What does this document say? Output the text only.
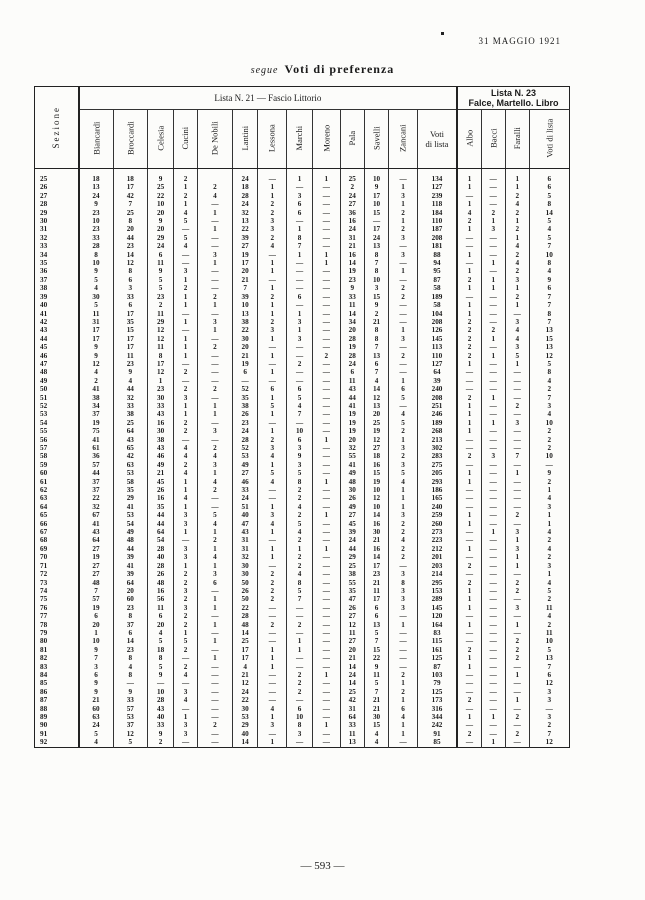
31 MAGGIO 1921
segue Voti di preferenza
Sezione	Lista N. 21 — Fascio Littorio													Lista N. 23
Falce, Martello. Libro			
	Biancardi	Broccardi	Celesia	Cucini	De Nobili	Lantini	Lessona	Marchi	Moreno	Pala	Savelli	Zancani	Voti
di lista	Albo	Bacci	Faralli	Voti di lista

25	18	18	9	2		24	—	1	1	25	10	—	134	1	—	1	6
26	13	17	25	1	2	18	1	—	—	2	9	1	127	1	—	1	6
27	24	42	22	2	4	28	1	3	—	24	17	3	239	—	—	2	5
28	9	7	10	1	—	24	2	6	—	27	10	1	118	1	—	4	8
29	23	25	20	4	1	32	2	6	—	36	15	2	184	4	2	2	14
30	10	8	9	5	—	13	3	—	—	16	—	1	110	2	1	1	5
31	23	20	20	—	1	22	3	1	—	24	17	2	187	1	3	2	4
32	33	44	29	5	—	39	2	8	—	31	24	3	208	—	—	1	5
33	28	23	24	4	—	27	4	7	—	21	13	—	181	—	—	4	7
34	8	14	6	—	3	19	—	1	1	16	8	3	88	1	—	2	10
35	10	12	11	—	1	17	1	—	1	14	7	—	94	—	1	4	8
36	9	8	9	3	—	20	1	—	—	19	8	1	95	1	—	2	4
37	5	6	5	1	—	21	—	—	—	23	10	—	87	2	1	3	9
38	4	3	5	2	—	7	1	—	—	9	3	2	58	1	1	1	6
39	30	33	23	1	2	39	2	6	—	33	15	2	189	—	—	2	7
40	5	6	2	1	1	10	1	—	—	11	9	—	58	1	—	1	7
41	11	17	11	—	—	13	1	1	—	14	2	—	104	1	—	—	8
42	31	35	29	1	3	38	2	3	—	34	21	—	208	2	—	3	7
43	17	15	12	—	1	22	3	1	—	20	8	1	126	2	2	4	13
44	17	17	12	1	—	30	1	3	—	28	8	3	145	2	1	4	15
45	9	17	11	1	2	20	—	—	—	19	7	—	113	2	—	3	13
46	9	11	8	1	—	21	1	—	2	28	13	2	110	2	1	5	12
47	12	23	17	—	—	19	—	2	—	24	6	—	127	1	—	1	5
48	4	9	12	2	—	6	1	—	—	6	7	—	64	—	—	—	8
49	2	4	1	—	—	—	—	—	—	11	4	1	39	—	—	—	4
50	41	44	23	2	2	52	6	6	—	43	14	6	240	—	—	—	2
51	38	32	30	3	—	35	1	5	—	44	12	5	208	2	1	—	7
52	34	33	33	1	1	38	5	4	—	41	13	—	251	1	—	2	3
53	37	38	43	1	1	26	1	7	—	19	20	4	246	1	—	—	4
54	19	25	16	2	—	23	—	—	—	19	25	5	189	1	1	3	10
55	75	64	30	2	3	24	1	10	—	19	19	2	268	1	—	—	2
56	41	43	38	—	—	28	2	6	1	20	12	1	213	—	—	—	2
57	61	65	43	4	2	52	3	3	—	32	27	3	302	—	—	—	2
58	36	42	46	4	4	53	4	9	—	55	18	2	283	2	3	7	10
59	57	63	49	2	3	49	1	3	—	41	16	3	275	—	—	—	—
60	44	53	21	4	1	27	5	5	—	49	15	5	205	1	—	1	9
61	37	58	45	1	4	46	4	8	1	48	19	4	293	1	—	—	2
62	37	35	26	1	2	33	—	2	—	30	10	1	186	—	—	—	1
63	22	29	16	4	—	24	—	2	—	26	12	1	165	—	—	—	4
64	32	41	35	1	—	51	1	4	—	49	10	1	240	—	—	—	3
65	67	53	44	3	5	40	3	2	1	27	14	3	259	1	—	2	1
66	41	54	44	3	4	47	4	5	—	45	16	2	260	1	—	—	1
67	43	49	64	1	1	43	1	4	—	39	30	2	273	—	1	3	4
68	64	48	54	—	2	31	—	2	—	24	21	4	223	—	—	1	2
69	27	44	28	3	1	31	1	1	1	44	16	2	212	1	—	3	4
70	19	39	40	3	4	32	1	2	—	29	14	2	201	—	—	1	2
71	27	41	28	1	1	30	—	2	—	25	17	—	203	2	—	1	3
72	27	39	26	2	3	30	2	4	—	38	23	3	214	—	—	—	1
73	48	64	48	2	6	50	2	8	—	55	21	8	295	2	—	2	4
74	7	20	16	3	—	26	2	5	—	35	11	3	153	1	—	2	5
75	57	60	56	2	1	50	2	7	—	47	17	3	289	1	—	—	2
76	19	23	11	3	1	22	—	—	—	26	6	3	145	1	—	3	11
77	6	8	6	2	—	28	—	—	—	27	6	—	120	—	—	—	4
78	20	37	20	2	1	48	2	2	—	12	13	1	164	1	—	1	2
79	1	6	4	1	—	14	—	—	—	11	5	—	83	—	—	—	11
80	10	14	5	5	1	25	—	1	—	27	7	—	115	—	—	2	10
81	9	23	18	2	—	17	1	1	—	20	15	—	161	2	—	2	5
82	7	8	8	—	1	17	1	—	—	21	22	—	125	1	—	2	13
83	3	4	5	2	—	4	1	—	—	14	9	—	87	1	—	—	7
84	6	8	9	4	—	21	—	2	1	24	11	2	103	—	—	1	6
85	9	—	—	—	—	12	—	2	—	14	5	1	79	—	—	—	12
86	9	9	10	3	—	24	—	2	—	25	7	2	125	—	—	—	3
87	21	33	28	4	—	22	—	—	—	42	21	1	173	2	—	1	3
88	60	57	43	—	—	30	4	6	—	31	21	6	316	—	—	—	—
89	63	53	40	1	—	53	1	10	—	64	30	4	344	1	1	2	3
90	24	37	33	3	2	29	3	8	1	33	15	1	242	—	—	—	2
91	5	12	9	3	—	40	—	3	—	11	4	1	91	2	—	2	7
92	4	5	2	—	—	14	1	—	—	13	4	—	85	—	1	—	12
— 593 —
